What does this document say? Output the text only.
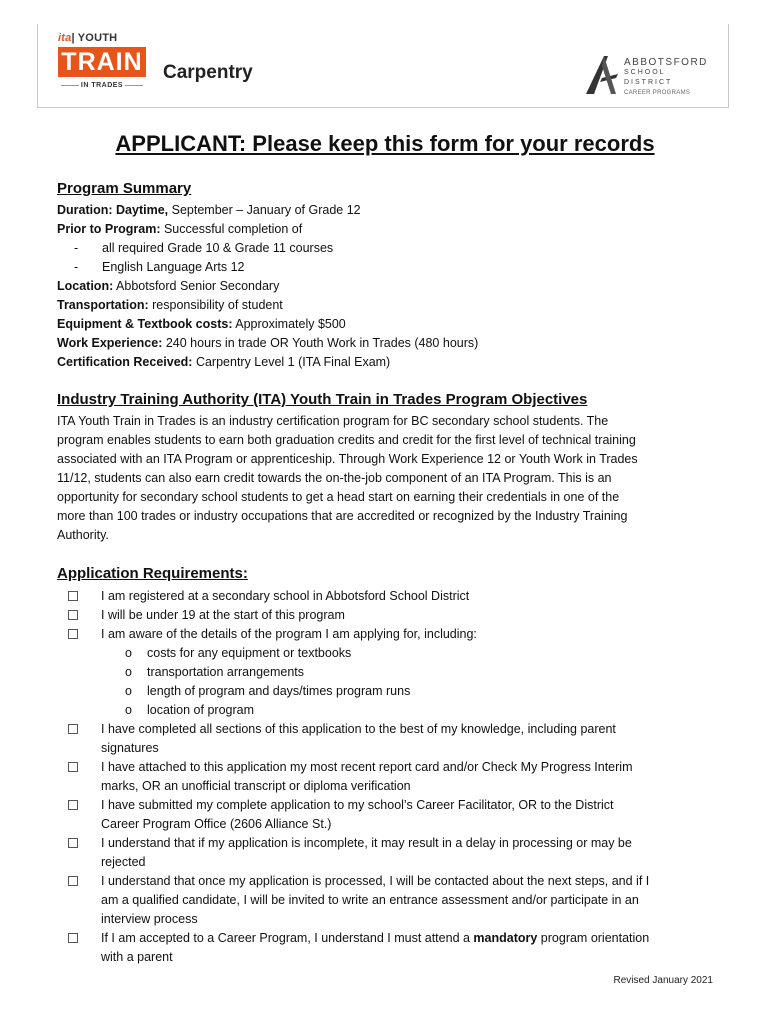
ita| YOUTH
TRAIN
IN TRADES
Carpentry	ABBOTSFORD
SCHOOL DISTRICT
CAREER PROGRAMS
APPLICANT: Please keep this form for your records
Program Summary
Duration: Daytime, September – January of Grade 12
Prior to Program: Successful completion of
- all required Grade 10 & Grade 11 courses
- English Language Arts 12
Location: Abbotsford Senior Secondary
Transportation: responsibility of student
Equipment & Textbook costs: Approximately $500
Work Experience: 240 hours in trade OR Youth Work in Trades (480 hours)
Certification Received: Carpentry Level 1 (ITA Final Exam)
Industry Training Authority (ITA) Youth Train in Trades Program Objectives
ITA Youth Train in Trades is an industry certification program for BC secondary school students. The
program enables students to earn both graduation credits and credit for the first level of technical training
associated with an ITA Program or apprenticeship. Through Work Experience 12 or Youth Work in Trades
11/12, students can also earn credit towards the on-the-job component of an ITA Program. This is an
opportunity for secondary school students to get a head start on earning their credentials in one of the
more than 100 trades or industry occupations that are accredited or recognized by the Industry Training
Authority.
Application Requirements:
I am registered at a secondary school in Abbotsford School District
I will be under 19 at the start of this program
I am aware of the details of the program I am applying for, including:
o costs for any equipment or textbooks
o transportation arrangements
o length of program and days/times program runs
o location of program
I have completed all sections of this application to the best of my knowledge, including parent
signatures
I have attached to this application my most recent report card and/or Check My Progress Interim
marks, OR an unofficial transcript or diploma verification
I have submitted my complete application to my school’s Career Facilitator, OR to the District
Career Program Office (2606 Alliance St.)
I understand that if my application is incomplete, it may result in a delay in processing or may be
rejected
I understand that once my application is processed, I will be contacted about the next steps, and if I
am a qualified candidate, I will be invited to write an entrance assessment and/or participate in an
interview process
If I am accepted to a Career Program, I understand I must attend a mandatory program orientation
with a parent
Revised January 2021
